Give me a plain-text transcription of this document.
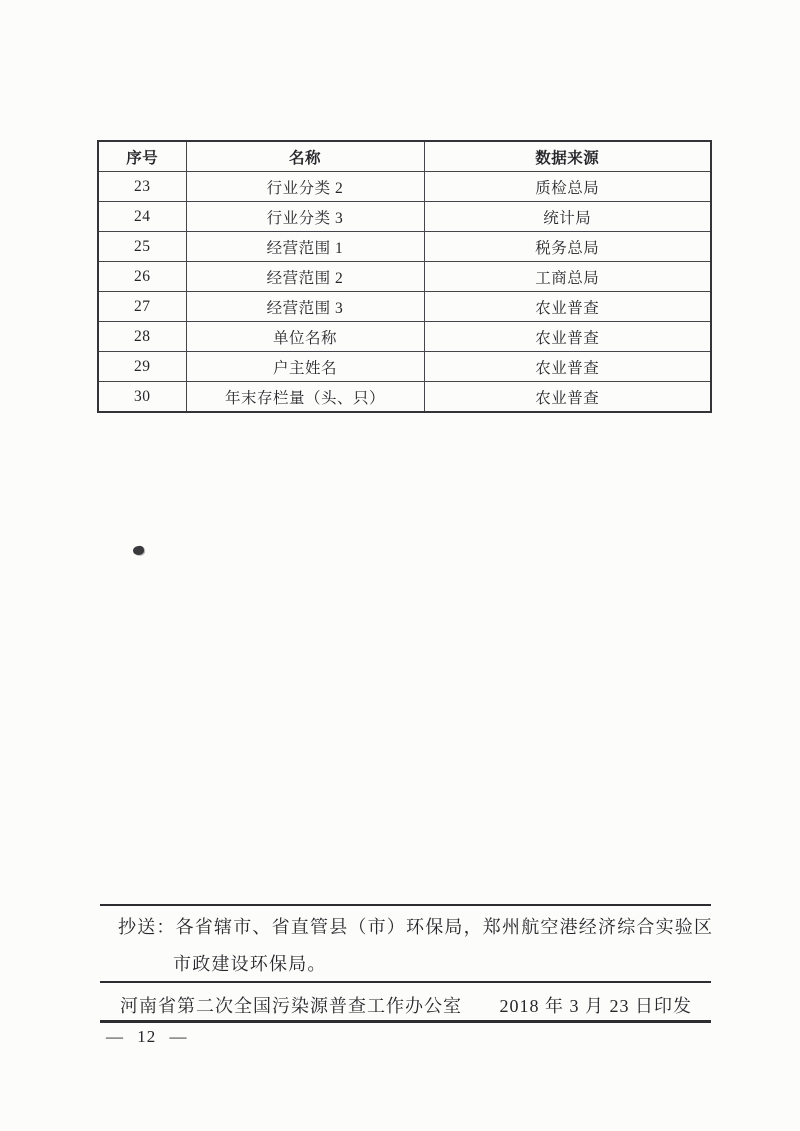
序号	名称	数据来源
23	行业分类 2	质检总局
24	行业分类 3	统计局
25	经营范围 1	税务总局
26	经营范围 2	工商总局
27	经营范围 3	农业普查
28	单位名称	农业普查
29	户主姓名	农业普查
30	年末存栏量（头、只）	农业普查
抄送：各省辖市、省直管县（市）环保局，郑州航空港经济综合实验区
市政建设环保局。
河南省第二次全国污染源普查工作办公室 2018 年 3 月 23 日印发
— 12 —
